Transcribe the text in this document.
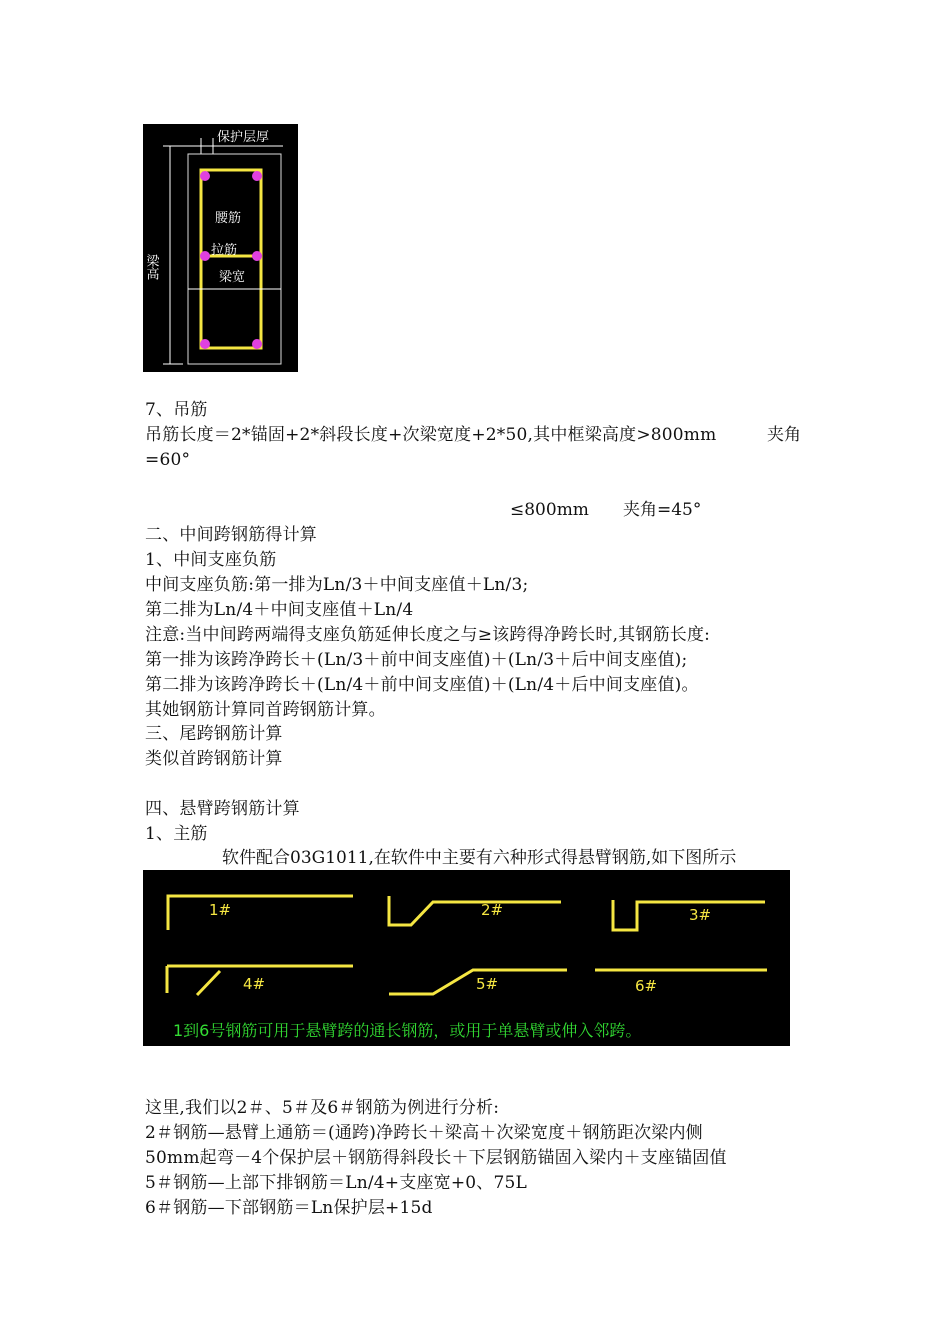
保护层厚
腰筋
拉筋
梁宽
梁高
7、吊筋
吊筋长度＝2*锚固+2*斜段长度+次梁宽度+2*50,其中框梁高度>800mm	夹角
=60°
≤800mm 夹角=45°
二、中间跨钢筋得计算
1、中间支座负筋
中间支座负筋:第一排为Ln/3＋中间支座值＋Ln/3;
第二排为Ln/4＋中间支座值＋Ln/4
注意:当中间跨两端得支座负筋延伸长度之与≥该跨得净跨长时,其钢筋长度:
第一排为该跨净跨长＋(Ln/3＋前中间支座值)＋(Ln/3＋后中间支座值);
第二排为该跨净跨长＋(Ln/4＋前中间支座值)＋(Ln/4＋后中间支座值)。
其她钢筋计算同首跨钢筋计算。
三、尾跨钢筋计算
类似首跨钢筋计算
四、悬臂跨钢筋计算
1、主筋
软件配合03G1011,在软件中主要有六种形式得悬臂钢筋,如下图所示
1#	2#	3#
4#	5#	6#
1到6号钢筋可用于悬臂跨的通长钢筋，或用于单悬臂或伸入邻跨。
这里,我们以2＃、5＃及6＃钢筋为例进行分析:
2＃钢筋—悬臂上通筋＝(通跨)净跨长＋梁高＋次梁宽度＋钢筋距次梁内侧
50mm起弯－4个保护层＋钢筋得斜段长＋下层钢筋锚固入梁内＋支座锚固值
5＃钢筋—上部下排钢筋＝Ln/4+支座宽+0、75L
6＃钢筋—下部钢筋＝Ln保护层+15d
